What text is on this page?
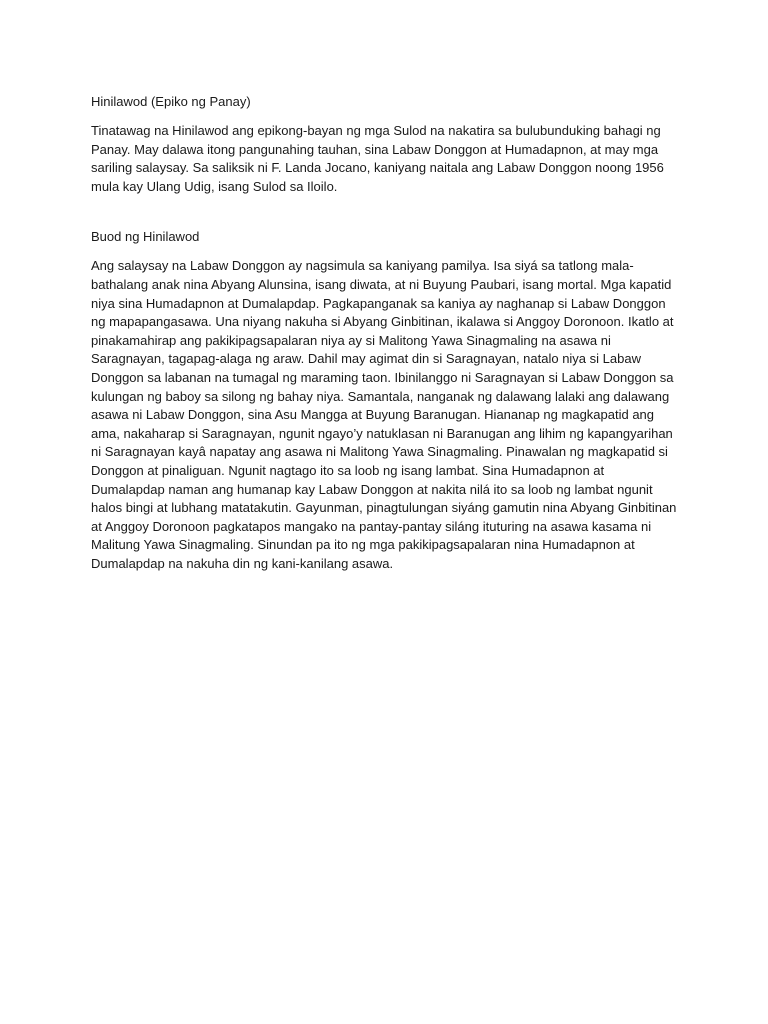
Hinilawod (Epiko ng Panay)

Tinatawag na Hinilawod ang epikong-bayan ng mga Sulod na nakatira sa bulubunduking bahagi ng Panay. May dalawa itong pangunahing tauhan, sina Labaw Donggon at Humadapnon, at may mga sariling salaysay. Sa saliksik ni F. Landa Jocano, kaniyang naitala ang Labaw Donggon noong 1956 mula kay Ulang Udig, isang Sulod sa Iloilo.

Buod ng Hinilawod

Ang salaysay na Labaw Donggon ay nagsimula sa kaniyang pamilya. Isa siyá sa tatlong mala-bathalang anak nina Abyang Alunsina, isang diwata, at ni Buyung Paubari, isang mortal. Mga kapatid niya sina Humadapnon at Dumalapdap. Pagkapanganak sa kaniya ay naghanap si Labaw Donggon ng mapapangasawa. Una niyang nakuha si Abyang Ginbitinan, ikalawa si Anggoy Doronoon. Ikatlo at pinakamahirap ang pakikipagsapalaran niya ay si Malitong Yawa Sinagmaling na asawa ni Saragnayan, tagapag-alaga ng araw. Dahil may agimat din si Saragnayan, natalo niya si Labaw Donggon sa labanan na tumagal ng maraming taon. Ibinilanggo ni Saragnayan si Labaw Donggon sa kulungan ng baboy sa silong ng bahay niya. Samantala, nanganak ng dalawang lalaki ang dalawang asawa ni Labaw Donggon, sina Asu Mangga at Buyung Baranugan. Hiananap ng magkapatid ang ama, nakaharap si Saragnayan, ngunit ngayo’y natuklasan ni Baranugan ang lihim ng kapangyarihan ni Saragnayan kayâ napatay ang asawa ni Malitong Yawa Sinagmaling. Pinawalan ng magkapatid si Donggon at pinaliguan. Ngunit nagtago ito sa loob ng isang lambat. Sina Humadapnon at Dumalapdap naman ang humanap kay Labaw Donggon at nakita nilá ito sa loob ng lambat ngunit halos bingi at lubhang matatakutin. Gayunman, pinagtulungan siyáng gamutin nina Abyang Ginbitinan at Anggoy Doronoon pagkatapos mangako na pantay-pantay siláng ituturing na asawa kasama ni Malitung Yawa Sinagmaling. Sinundan pa ito ng mga pakikipagsapalaran nina Humadapnon at Dumalapdap na nakuha din ng kani-kanilang asawa.
